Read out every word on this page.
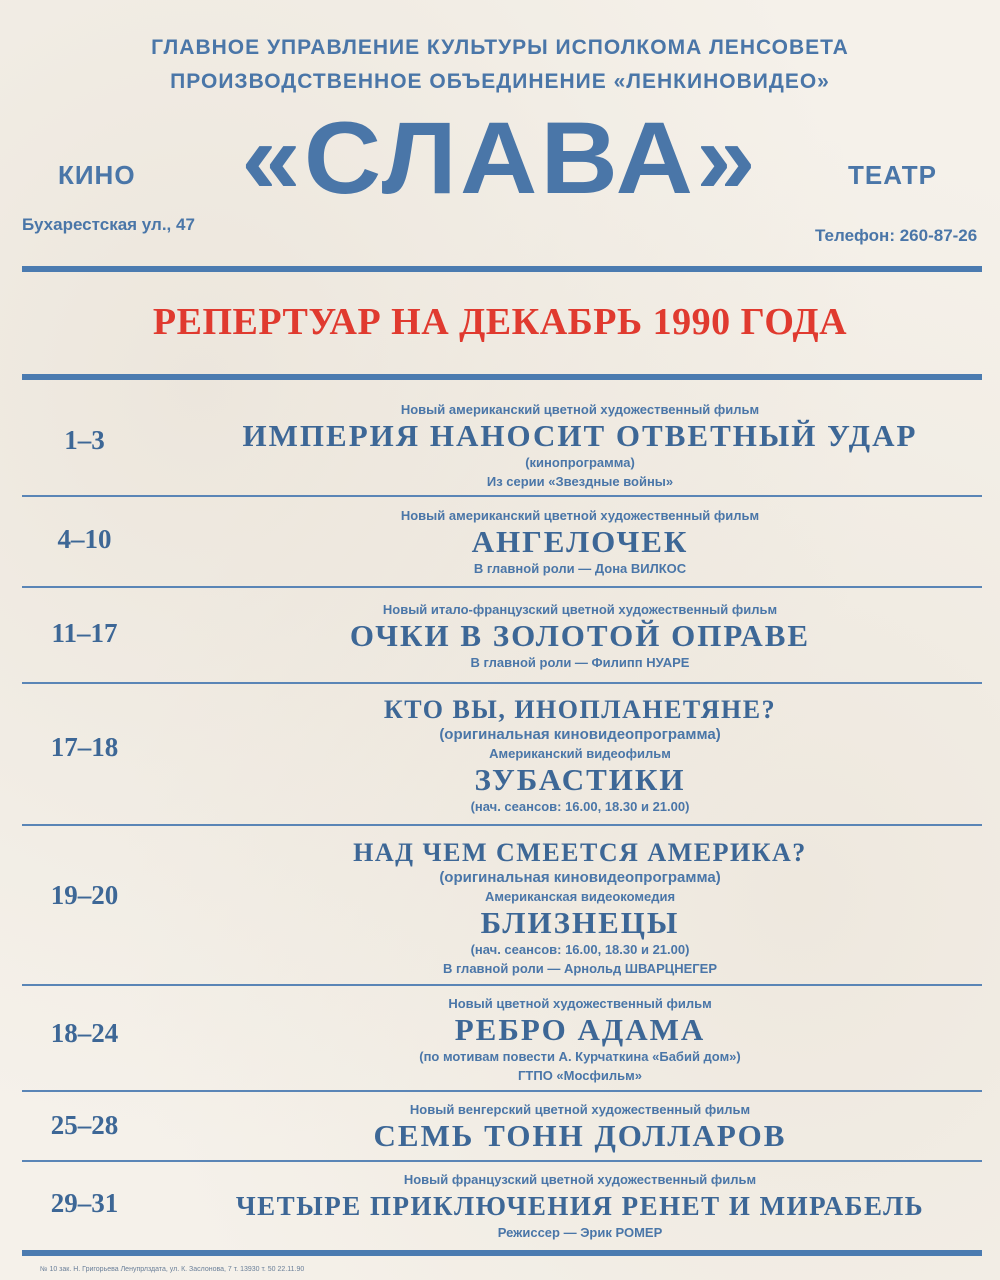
ГЛАВНОЕ УПРАВЛЕНИЕ КУЛЬТУРЫ ИСПОЛКОМА ЛЕНСОВЕТА
ПРОИЗВОДСТВЕННОЕ ОБЪЕДИНЕНИЕ «ЛЕНКИНОВИДЕО»
КИНО	«СЛАВА»	ТЕАТР
Бухарестская ул., 47
Телефон: 260-87-26
РЕПЕРТУАР НА ДЕКАБРЬ 1990 ГОДА
1–3
Новый американский цветной художественный фильм
ИМПЕРИЯ НАНОСИТ ОТВЕТНЫЙ УДАР
(кинопрограмма)
Из серии «Звездные войны»
4–10
Новый американский цветной художественный фильм
АНГЕЛОЧЕК
В главной роли — Дона ВИЛКОС
11–17
Новый итало-французский цветной художественный фильм
ОЧКИ В ЗОЛОТОЙ ОПРАВЕ
В главной роли — Филипп НУАРЕ
17–18
КТО ВЫ, ИНОПЛАНЕТЯНЕ?
(оригинальная киновидеопрограмма)
Американский видеофильм
ЗУБАСТИКИ
(нач. сеансов: 16.00, 18.30 и 21.00)
19–20
НАД ЧЕМ СМЕЕТСЯ АМЕРИКА?
(оригинальная киновидеопрограмма)
Американская видеокомедия
БЛИЗНЕЦЫ
(нач. сеансов: 16.00, 18.30 и 21.00)
В главной роли — Арнольд ШВАРЦНЕГЕР
18–24
Новый цветной художественный фильм
РЕБРО АДАМА
(по мотивам повести А. Курчаткина «Бабий дом»)
ГТПО «Мосфильм»
25–28
Новый венгерский цветной художественный фильм
СЕМЬ ТОНН ДОЛЛАРОВ
29–31
Новый французский цветной художественный фильм
ЧЕТЫРЕ ПРИКЛЮЧЕНИЯ РЕНЕТ И МИРАБЕЛЬ
Режиссер — Эрик РОМЕР
№ 10 зак. Н. Григорьева Ленупрлздата, ул. К. Заслонова, 7 т. 13930 т. 50 22.11.90
